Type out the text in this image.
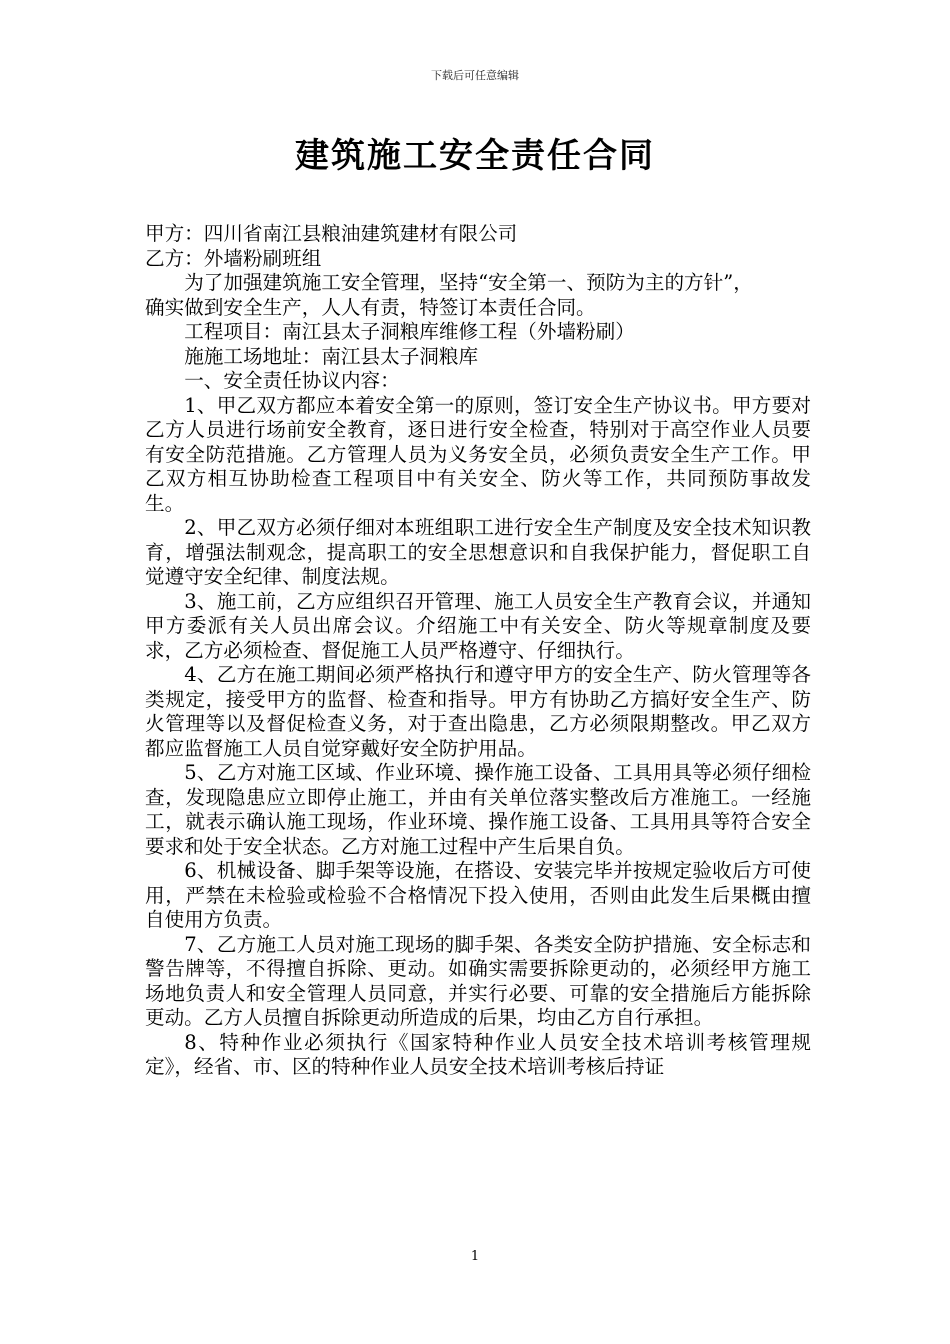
下载后可任意编辑
建筑施工安全责任合同

甲方：四川省南江县粮油建筑建材有限公司

乙方：外墙粉刷班组

为了加强建筑施工安全管理，坚持“安全第一、预防为主的方针”，

确实做到安全生产，人人有责，特签订本责任合同。

工程项目：南江县太子洞粮库维修工程（外墙粉刷）

施施工场地址：南江县太子洞粮库

一、安全责任协议内容：

1、甲乙双方都应本着安全第一的原则，签订安全生产协议书。甲方要对乙方人员进行场前安全教育，逐日进行安全检查，特别对于高空作业人员要有安全防范措施。乙方管理人员为义务安全员，必须负责安全生产工作。甲乙双方相互协助检查工程项目中有关安全、防火等工作，共同预防事故发生。

2、甲乙双方必须仔细对本班组职工进行安全生产制度及安全技术知识教育，增强法制观念，提高职工的安全思想意识和自我保护能力，督促职工自觉遵守安全纪律、制度法规。

3、施工前，乙方应组织召开管理、施工人员安全生产教育会议，并通知甲方委派有关人员出席会议。介绍施工中有关安全、防火等规章制度及要求，乙方必须检查、督促施工人员严格遵守、仔细执行。

4、乙方在施工期间必须严格执行和遵守甲方的安全生产、防火管理等各类规定，接受甲方的监督、检查和指导。甲方有协助乙方搞好安全生产、防火管理等以及督促检查义务，对于查出隐患，乙方必须限期整改。甲乙双方都应监督施工人员自觉穿戴好安全防护用品。

5、乙方对施工区域、作业环境、操作施工设备、工具用具等必须仔细检查，发现隐患应立即停止施工，并由有关单位落实整改后方准施工。一经施工，就表示确认施工现场，作业环境、操作施工设备、工具用具等符合安全要求和处于安全状态。乙方对施工过程中产生后果自负。

6、机械设备、脚手架等设施，在搭设、安装完毕并按规定验收后方可使用，严禁在未检验或检验不合格情况下投入使用，否则由此发生后果概由擅自使用方负责。

7、乙方施工人员对施工现场的脚手架、各类安全防护措施、安全标志和警告牌等，不得擅自拆除、更动。如确实需要拆除更动的，必须经甲方施工场地负责人和安全管理人员同意，并实行必要、可靠的安全措施后方能拆除更动。乙方人员擅自拆除更动所造成的后果，均由乙方自行承担。

8、特种作业必须执行《国家特种作业人员安全技术培训考核管理规定》，经省、市、区的特种作业人员安全技术培训考核后持证

1
